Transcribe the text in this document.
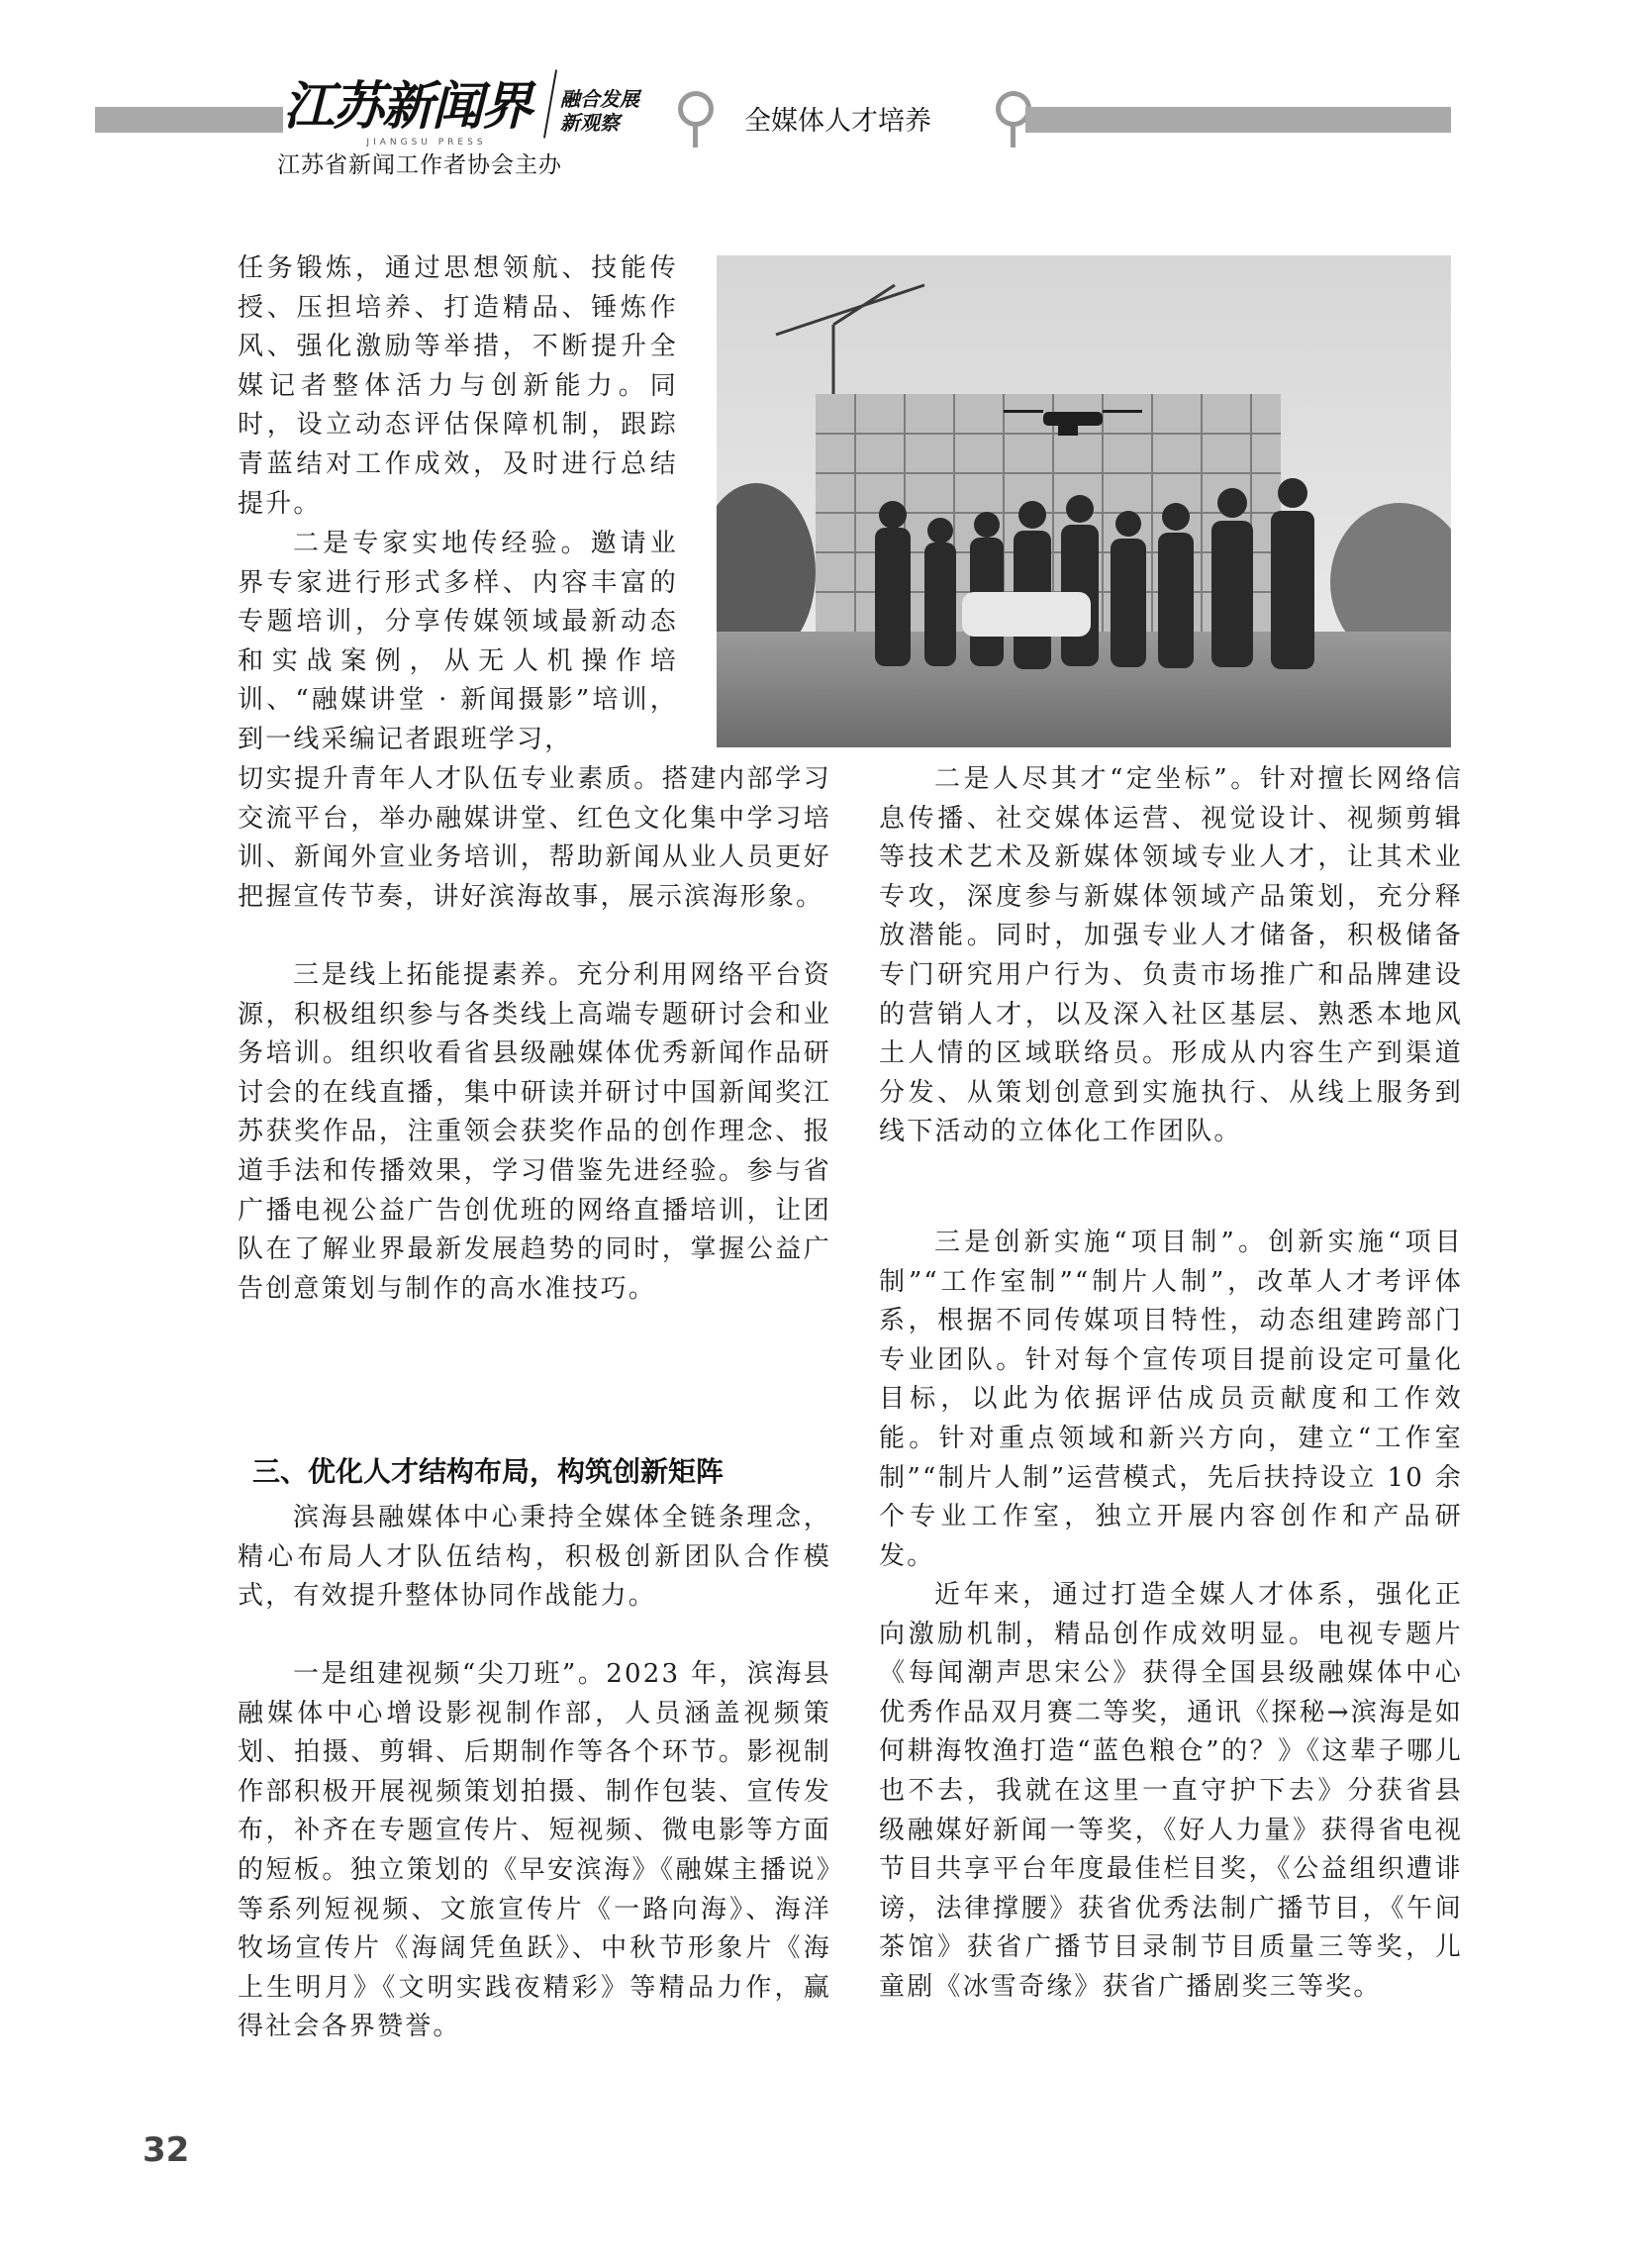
江苏新闻界
JIANGSU PRESS
江苏省新闻工作者协会主办
融合发展
新观察	全媒体人才培养

任务锻炼，通过思想领航、技能传授、压担培养、打造精品、锤炼作风、强化激励等举措，不断提升全媒记者整体活力与创新能力。同时，设立动态评估保障机制，跟踪青蓝结对工作成效，及时进行总结提升。

二是专家实地传经验。邀请业界专家进行形式多样、内容丰富的专题培训，分享传媒领域最新动态和实战案例，从无人机操作培训、“融媒讲堂 · 新闻摄影”培训，到一线采编记者跟班学习，

切实提升青年人才队伍专业素质。搭建内部学习交流平台，举办融媒讲堂、红色文化集中学习培训、新闻外宣业务培训，帮助新闻从业人员更好把握宣传节奏，讲好滨海故事，展示滨海形象。

三是线上拓能提素养。充分利用网络平台资源，积极组织参与各类线上高端专题研讨会和业务培训。组织收看省县级融媒体优秀新闻作品研讨会的在线直播，集中研读并研讨中国新闻奖江苏获奖作品，注重领会获奖作品的创作理念、报道手法和传播效果，学习借鉴先进经验。参与省广播电视公益广告创优班的网络直播培训，让团队在了解业界最新发展趋势的同时，掌握公益广告创意策划与制作的高水准技巧。

三、优化人才结构布局，构筑创新矩阵

滨海县融媒体中心秉持全媒体全链条理念，精心布局人才队伍结构，积极创新团队合作模式，有效提升整体协同作战能力。

一是组建视频“尖刀班”。2023 年，滨海县融媒体中心增设影视制作部，人员涵盖视频策划、拍摄、剪辑、后期制作等各个环节。影视制作部积极开展视频策划拍摄、制作包装、宣传发布，补齐在专题宣传片、短视频、微电影等方面的短板。独立策划的《早安滨海》《融媒主播说》等系列短视频、文旅宣传片《一路向海》、海洋牧场宣传片《海阔凭鱼跃》、中秋节形象片《海上生明月》《文明实践夜精彩》等精品力作，赢得社会各界赞誉。

二是人尽其才“定坐标”。针对擅长网络信息传播、社交媒体运营、视觉设计、视频剪辑等技术艺术及新媒体领域专业人才，让其术业专攻，深度参与新媒体领域产品策划，充分释放潜能。同时，加强专业人才储备，积极储备专门研究用户行为、负责市场推广和品牌建设的营销人才，以及深入社区基层、熟悉本地风土人情的区域联络员。形成从内容生产到渠道分发、从策划创意到实施执行、从线上服务到线下活动的立体化工作团队。

三是创新实施“项目制”。创新实施“项目制”“工作室制”“制片人制”，改革人才考评体系，根据不同传媒项目特性，动态组建跨部门专业团队。针对每个宣传项目提前设定可量化目标，以此为依据评估成员贡献度和工作效能。针对重点领域和新兴方向，建立“工作室制”“制片人制”运营模式，先后扶持设立 10 余个专业工作室，独立开展内容创作和产品研发。

近年来，通过打造全媒人才体系，强化正向激励机制，精品创作成效明显。电视专题片《每闻潮声思宋公》获得全国县级融媒体中心优秀作品双月赛二等奖，通讯《探秘→滨海是如何耕海牧渔打造“蓝色粮仓”的？》《这辈子哪儿也不去，我就在这里一直守护下去》分获省县级融媒好新闻一等奖，《好人力量》获得省电视节目共享平台年度最佳栏目奖，《公益组织遭诽谤，法律撑腰》获省优秀法制广播节目，《午间茶馆》获省广播节目录制节目质量三等奖，儿童剧《冰雪奇缘》获省广播剧奖三等奖。

32
